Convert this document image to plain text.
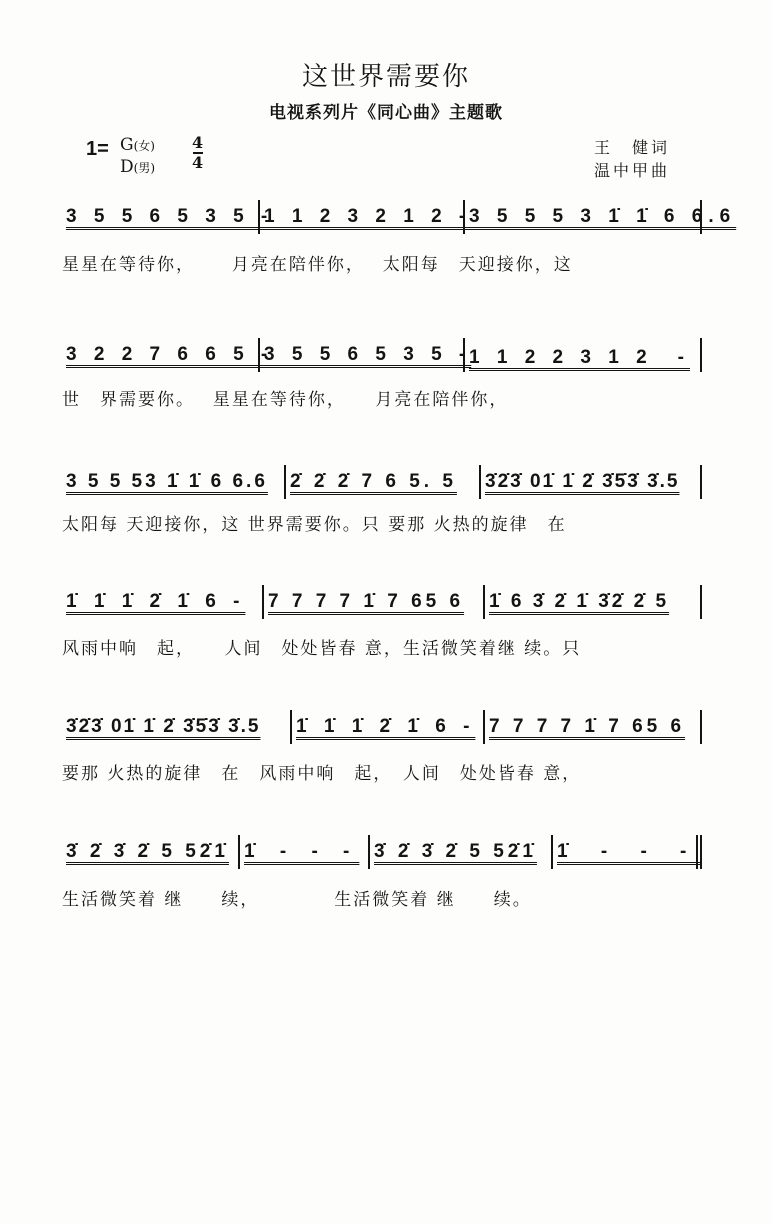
这世界需要你
电视系列片《同心曲》主题歌
1= G(女)
D(男)
4
4
王　健词
温中甲曲
3 5 5 6 5 3 5 -
1 1 2 3 2 1 2 -
3 5 5 5 3 1̇ 1̇ 6 6.6
星星在等待你，　　 月亮在陪伴你，　 太阳每　天迎接你，这
3 2 2 7 6 6 5 -
3 5 5 6 5 3 5 -
1 1 2 2 3 1 2　-
世　界需要你。　 星星在等待你，　　月亮在陪伴你，
3 5 5 53 1̇ 1̇ 6 6.6	2̇ 2̇ 2̇ 7 6 5. 5	3̇2̇3̇ 01̇ 1̇ 2̇ 3̇5̇3̇ 3̇.5
太阳每 天迎接你，这 世界需要你。只 要那 火热的旋律　在
1̇ 1̇ 1̇ 2̇ 1̇ 6 -	7 7 7 7 1̇ 7 65 6	1̇ 6 3̇ 2̇ 1̇ 3̇2̇ 2̇ 5
风雨中响　起，　　人间　处处皆春 意，生活微笑着继 续。只
3̇2̇3̇ 01̇ 1̇ 2̇ 3̇5̇3̇ 3̇.5	1̇ 1̇ 1̇ 2̇ 1̇ 6 - 7 7 7 7 1̇ 7 65 6
要那 火热的旋律　在　风雨中响　起，　人间　处处皆春 意，
3̇ 2̇ 3̇ 2̇ 5 52̇1̇ 1̇ - - - 3̇ 2̇ 3̇ 2̇ 5 52̇1̇	1̇ - - -
生活微笑着 继　　续，　　　　 生活微笑着 继　　续。
